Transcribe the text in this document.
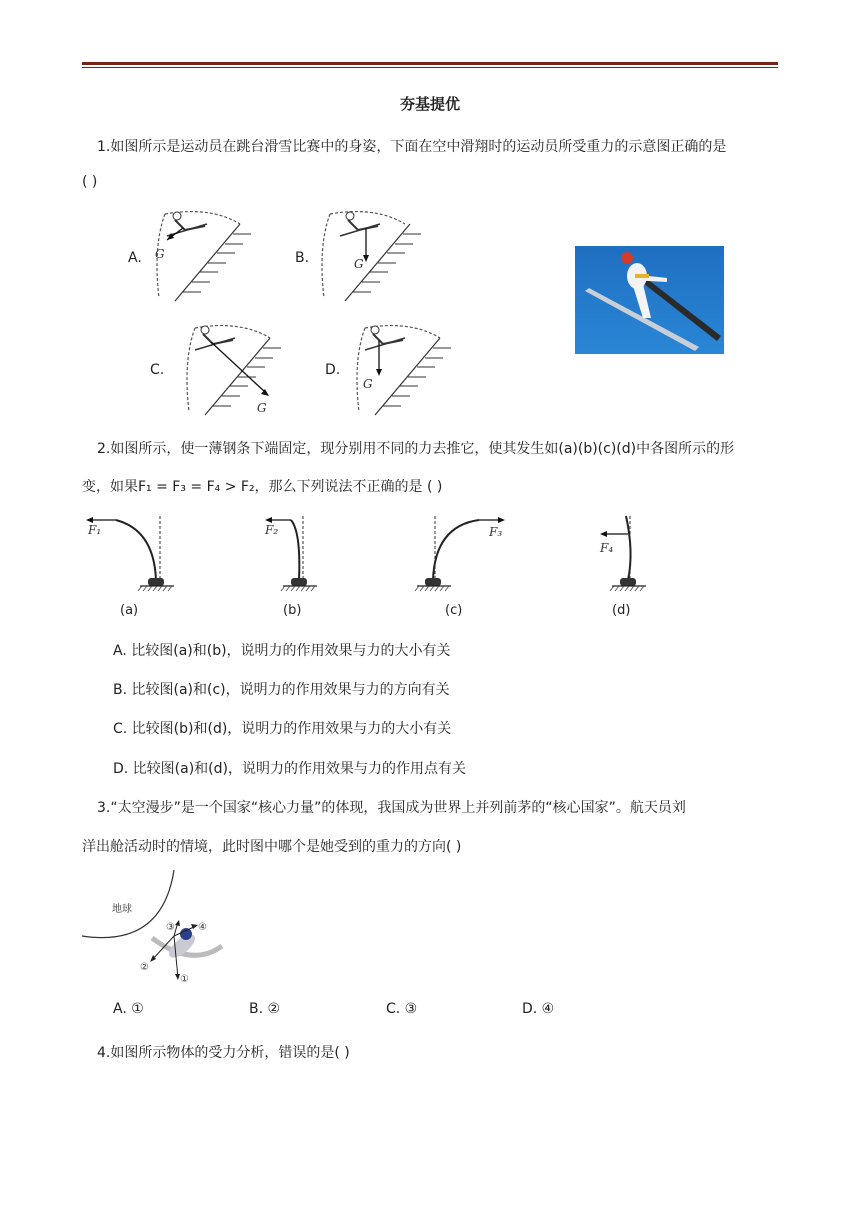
夯基提优
1.如图所示是运动员在跳台滑雪比赛中的身姿，下面在空中滑翔时的运动员所受重力的示意图正确的是
( )
A.	B.
C.	D.
G
G
G
G
2.如图所示，使一薄钢条下端固定，现分别用不同的力去推它，使其发生如(a)(b)(c)(d)中各图所示的形
变，如果F₁ = F₃ = F₄ > F₂，那么下列说法不正确的是 ( )
F₁
(a)
F₂
(b)
F₃
(c)
F₄
(d)
A. 比较图(a)和(b)，说明力的作用效果与力的大小有关
B. 比较图(a)和(c)，说明力的作用效果与力的方向有关
C. 比较图(b)和(d)，说明力的作用效果与力的大小有关
D. 比较图(a)和(d)，说明力的作用效果与力的作用点有关
3.“太空漫步”是一个国家“核心力量”的体现，我国成为世界上并列前茅的“核心国家”。航天员刘
洋出舱活动时的情境，此时图中哪个是她受到的重力的方向( )
地球
①
②
③ ④
A. ①	B. ②	C. ③	D. ④
4.如图所示物体的受力分析，错误的是( )
